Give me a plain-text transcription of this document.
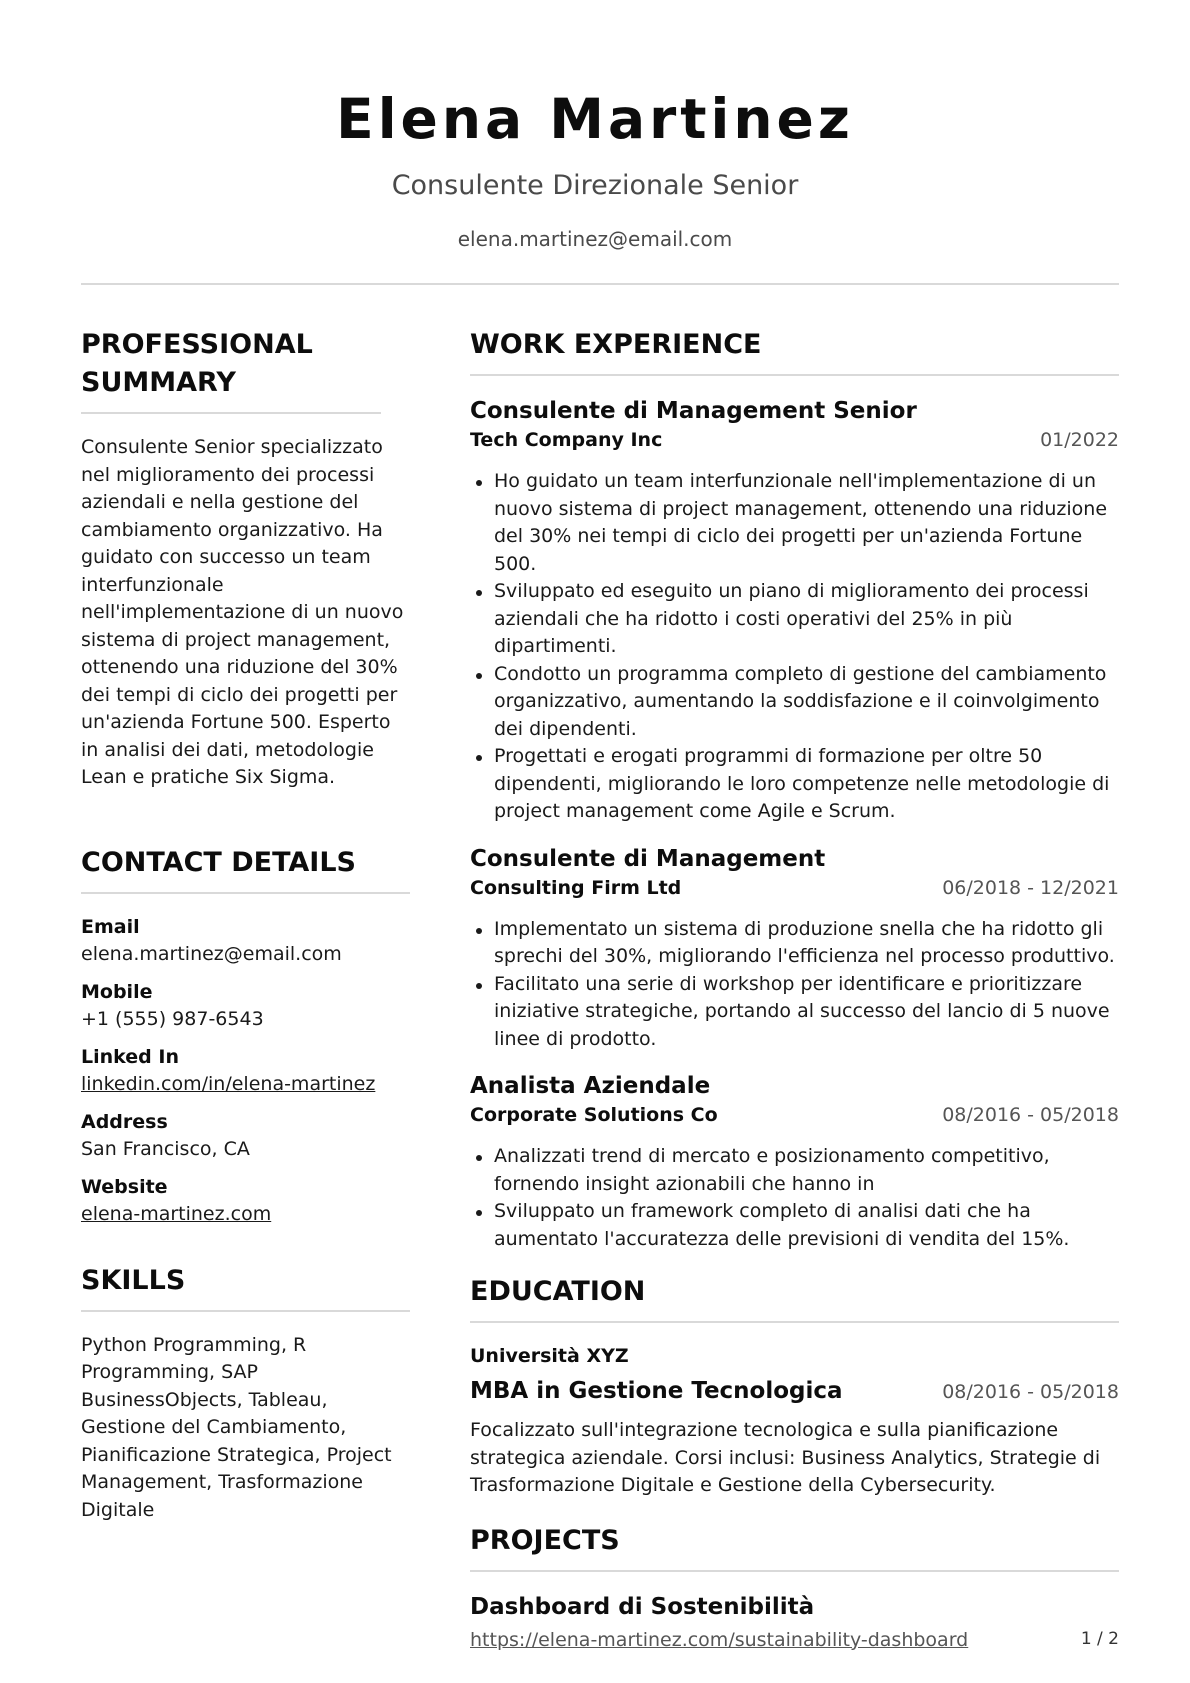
Elena Martinez
Consulente Direzionale Senior
elena.martinez@email.com
PROFESSIONAL SUMMARY
Consulente Senior specializzato nel miglioramento dei processi aziendali e nella gestione del cambiamento organizzativo. Ha guidato con successo un team interfunzionale nell'implementazione di un nuovo sistema di project management, ottenendo una riduzione del 30% dei tempi di ciclo dei progetti per un'azienda Fortune 500. Esperto in analisi dei dati, metodologie Lean e pratiche Six Sigma.
CONTACT DETAILS
Email
elena.martinez@email.com
Mobile
+1 (555) 987-6543
Linked In
linkedin.com/in/elena-martinez
Address
San Francisco, CA
Website
elena-martinez.com
SKILLS
Python Programming, R Programming, SAP BusinessObjects, Tableau, Gestione del Cambiamento, Pianificazione Strategica, Project Management, Trasformazione Digitale
WORK EXPERIENCE
Consulente di Management Senior
Tech Company Inc	01/2022
Ho guidato un team interfunzionale nell'implementazione di un nuovo sistema di project management, ottenendo una riduzione del 30% nei tempi di ciclo dei progetti per un'azienda Fortune 500.
Sviluppato ed eseguito un piano di miglioramento dei processi aziendali che ha ridotto i costi operativi del 25% in più dipartimenti.
Condotto un programma completo di gestione del cambiamento organizzativo, aumentando la soddisfazione e il coinvolgimento dei dipendenti.
Progettati e erogati programmi di formazione per oltre 50 dipendenti, migliorando le loro competenze nelle metodologie di project management come Agile e Scrum.
Consulente di Management
Consulting Firm Ltd	06/2018 - 12/2021
Implementato un sistema di produzione snella che ha ridotto gli sprechi del 30%, migliorando l'efficienza nel processo produttivo.
Facilitato una serie di workshop per identificare e prioritizzare iniziative strategiche, portando al successo del lancio di 5 nuove linee di prodotto.
Analista Aziendale
Corporate Solutions Co	08/2016 - 05/2018
Analizzati trend di mercato e posizionamento competitivo, fornendo insight azionabili che hanno in
Sviluppato un framework completo di analisi dati che ha aumentato l'accuratezza delle previsioni di vendita del 15%.
EDUCATION
Università XYZ
MBA in Gestione Tecnologica	08/2016 - 05/2018
Focalizzato sull'integrazione tecnologica e sulla pianificazione strategica aziendale. Corsi inclusi: Business Analytics, Strategie di Trasformazione Digitale e Gestione della Cybersecurity.
PROJECTS
Dashboard di Sostenibilità
https://elena-martinez.com/sustainability-dashboard	1 / 2
